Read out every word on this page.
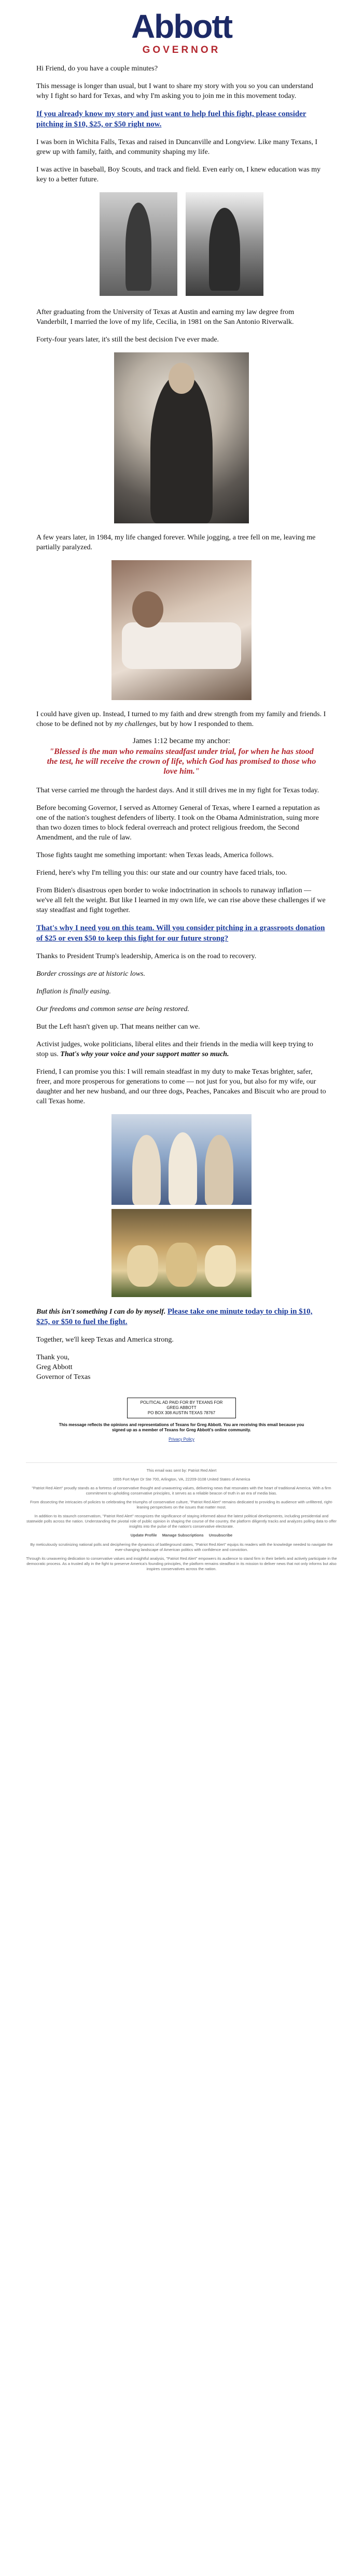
Abbott
GOVERNOR

Hi Friend, do you have a couple minutes?

This message is longer than usual, but I want to share my story with you so you can understand why I fight so hard for Texas, and why I'm asking you to join me in this movement today.

If you already know my story and just want to help fuel this fight, please consider pitching in $10, $25, or $50 right now.

I was born in Wichita Falls, Texas and raised in Duncanville and Longview. Like many Texans, I grew up with family, faith, and community shaping my life.

I was active in baseball, Boy Scouts, and track and field. Even early on, I knew education was my key to a better future.

After graduating from the University of Texas at Austin and earning my law degree from Vanderbilt, I married the love of my life, Cecilia, in 1981 on the San Antonio Riverwalk.

Forty-four years later, it's still the best decision I've ever made.

A few years later, in 1984, my life changed forever. While jogging, a tree fell on me, leaving me partially paralyzed.

I could have given up. Instead, I turned to my faith and drew strength from my family and friends. I chose to be defined not by my challenges, but by how I responded to them.

James 1:12 became my anchor:
"Blessed is the man who remains steadfast under trial, for when he has stood the test, he will receive the crown of life, which God has promised to those who love him."

That verse carried me through the hardest days. And it still drives me in my fight for Texas today.

Before becoming Governor, I served as Attorney General of Texas, where I earned a reputation as one of the nation's toughest defenders of liberty. I took on the Obama Administration, suing more than two dozen times to block federal overreach and protect religious freedom, the Second Amendment, and the rule of law.

Those fights taught me something important: when Texas leads, America follows.

Friend, here's why I'm telling you this: our state and our country have faced trials, too.

From Biden's disastrous open border to woke indoctrination in schools to runaway inflation — we've all felt the weight. But like I learned in my own life, we can rise above these challenges if we stay steadfast and fight together.

That's why I need you on this team. Will you consider pitching in a grassroots donation of $25 or even $50 to keep this fight for our future strong?

Thanks to President Trump's leadership, America is on the road to recovery.

Border crossings are at historic lows.

Inflation is finally easing.

Our freedoms and common sense are being restored.

But the Left hasn't given up. That means neither can we.

Activist judges, woke politicians, liberal elites and their friends in the media will keep trying to stop us. That's why your voice and your support matter so much.

Friend, I can promise you this: I will remain steadfast in my duty to make Texas brighter, safer, freer, and more prosperous for generations to come — not just for you, but also for my wife, our daughter and her new husband, and our three dogs, Peaches, Pancakes and Biscuit who are proud to call Texas home.

But this isn't something I can do by myself. Please take one minute today to chip in $10, $25, or $50 to fuel the fight.

Together, we'll keep Texas and America strong.

Thank you,
Greg Abbott
Governor of Texas

POLITICAL AD PAID FOR BY TEXANS FOR
GREG ABBOTT
PO BOX 308 AUSTIN TEXAS 78767
This message reflects the opinions and representations of Texans for Greg Abbott. You are receiving this email because you signed up as a member of Texans for Greg Abbott's online community.
Privacy Policy

This email was sent by: Patriot Red Alert

1655 Fort Myer Dr Ste 700, Arlington, VA, 22209-3108 United States of America

"Patriot Red Alert" proudly stands as a fortress of conservative thought and unwavering values, delivering news that resonates with the heart of traditional America. With a firm commitment to upholding conservative principles, it serves as a reliable beacon of truth in an era of media bias.

From dissecting the intricacies of policies to celebrating the triumphs of conservative culture, "Patriot Red Alert" remains dedicated to providing its audience with unfiltered, right-leaning perspectives on the issues that matter most.

In addition to its staunch conservatism, "Patriot Red Alert" recognizes the significance of staying informed about the latest political developments, including presidential and statewide polls across the nation. Understanding the pivotal role of public opinion in shaping the course of the country, the platform diligently tracks and analyzes polling data to offer insights into the pulse of the nation's conservative electorate.

Update Profile Manage Subscriptions Unsubscribe

By meticulously scrutinizing national polls and deciphering the dynamics of battleground states, "Patriot Red Alert" equips its readers with the knowledge needed to navigate the ever-changing landscape of American politics with confidence and conviction.

Through its unwavering dedication to conservative values and insightful analysis, "Patriot Red Alert" empowers its audience to stand firm in their beliefs and actively participate in the democratic process. As a trusted ally in the fight to preserve America's founding principles, the platform remains steadfast in its mission to deliver news that not only informs but also inspires conservatives across the nation.
